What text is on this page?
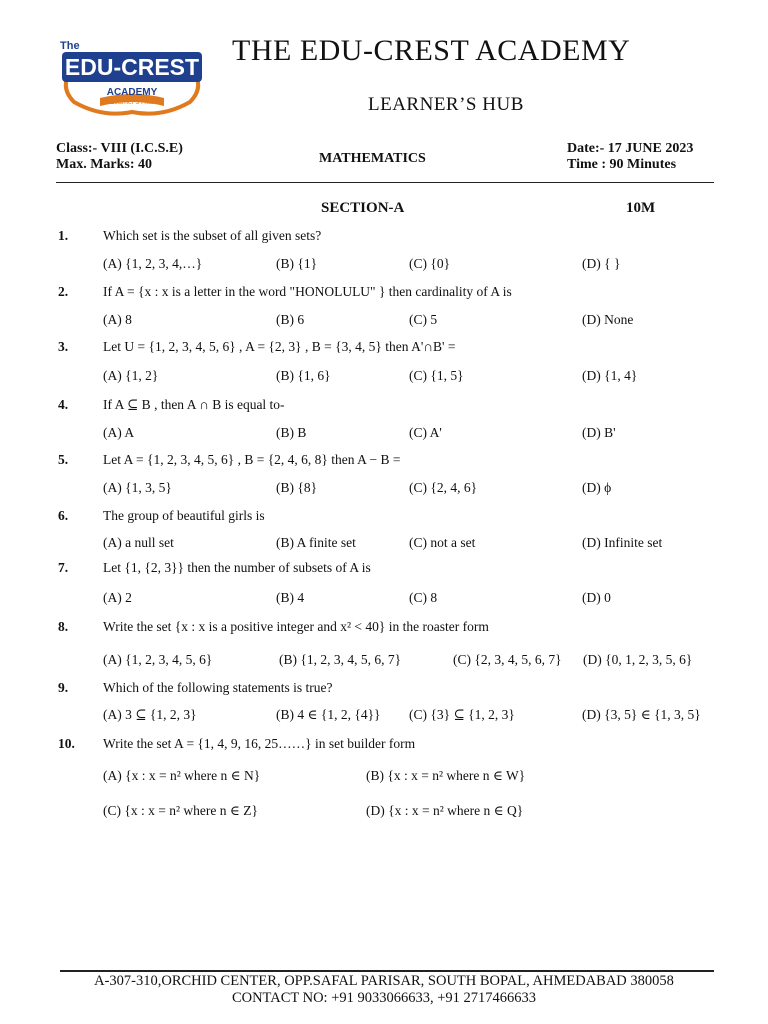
The
EDU-CREST
ACADEMY
Learner's Hub
THE EDU-CREST ACADEMY
LEARNER’S HUB
Class:- VIII (I.C.S.E)
Max. Marks: 40	MATHEMATICS
Date:- 17 JUNE 2023
Time : 90 Minutes
SECTION-A	10M
1.	Which set is the subset of all given sets?
(A) {1, 2, 3, 4,…}	(B) {1}	(C) {0}	(D) { }
2.	If A = {x : x is a letter in the word "HONOLULU" } then cardinality of A is
(A) 8	(B) 6	(C) 5	(D) None
3.	Let U = {1, 2, 3, 4, 5, 6} , A = {2, 3} , B = {3, 4, 5} then A'∩B' =
(A) {1, 2}	(B) {1, 6}	(C) {1, 5}	(D) {1, 4}
4.	If A ⊆ B , then A ∩ B is equal to-
(A) A	(B) B	(C) A'	(D) B'
5.	Let A = {1, 2, 3, 4, 5, 6} , B = {2, 4, 6, 8} then A − B =
(A) {1, 3, 5}	(B) {8}	(C) {2, 4, 6}	(D) ϕ
6.	The group of beautiful girls is
(A) a null set	(B) A finite set	(C) not a set	(D) Infinite set
7.	Let {1, {2, 3}} then the number of subsets of A is
(A) 2	(B) 4	(C) 8	(D) 0
8.	Write the set {x : x is a positive integer and x² < 40} in the roaster form
(A) {1, 2, 3, 4, 5, 6}	(B) {1, 2, 3, 4, 5, 6, 7}	(C) {2, 3, 4, 5, 6, 7} (D) {0, 1, 2, 3, 5, 6}
9.	Which of the following statements is true?
(A) 3 ⊆ {1, 2, 3}	(B) 4 ∈ {1, 2, {4}} (C) {3} ⊆ {1, 2, 3}	(D) {3, 5} ∈ {1, 3, 5}
10. Write the set A = {1, 4, 9, 16, 25……} in set builder form
(A) {x : x = n² where n ∈ N}	(B) {x : x = n² where n ∈ W}
(C) {x : x = n² where n ∈ Z}	(D) {x : x = n² where n ∈ Q}
A-307-310,ORCHID CENTER, OPP.SAFAL PARISAR, SOUTH BOPAL, AHMEDABAD 380058
CONTACT NO: +91 9033066633, +91 2717466633
